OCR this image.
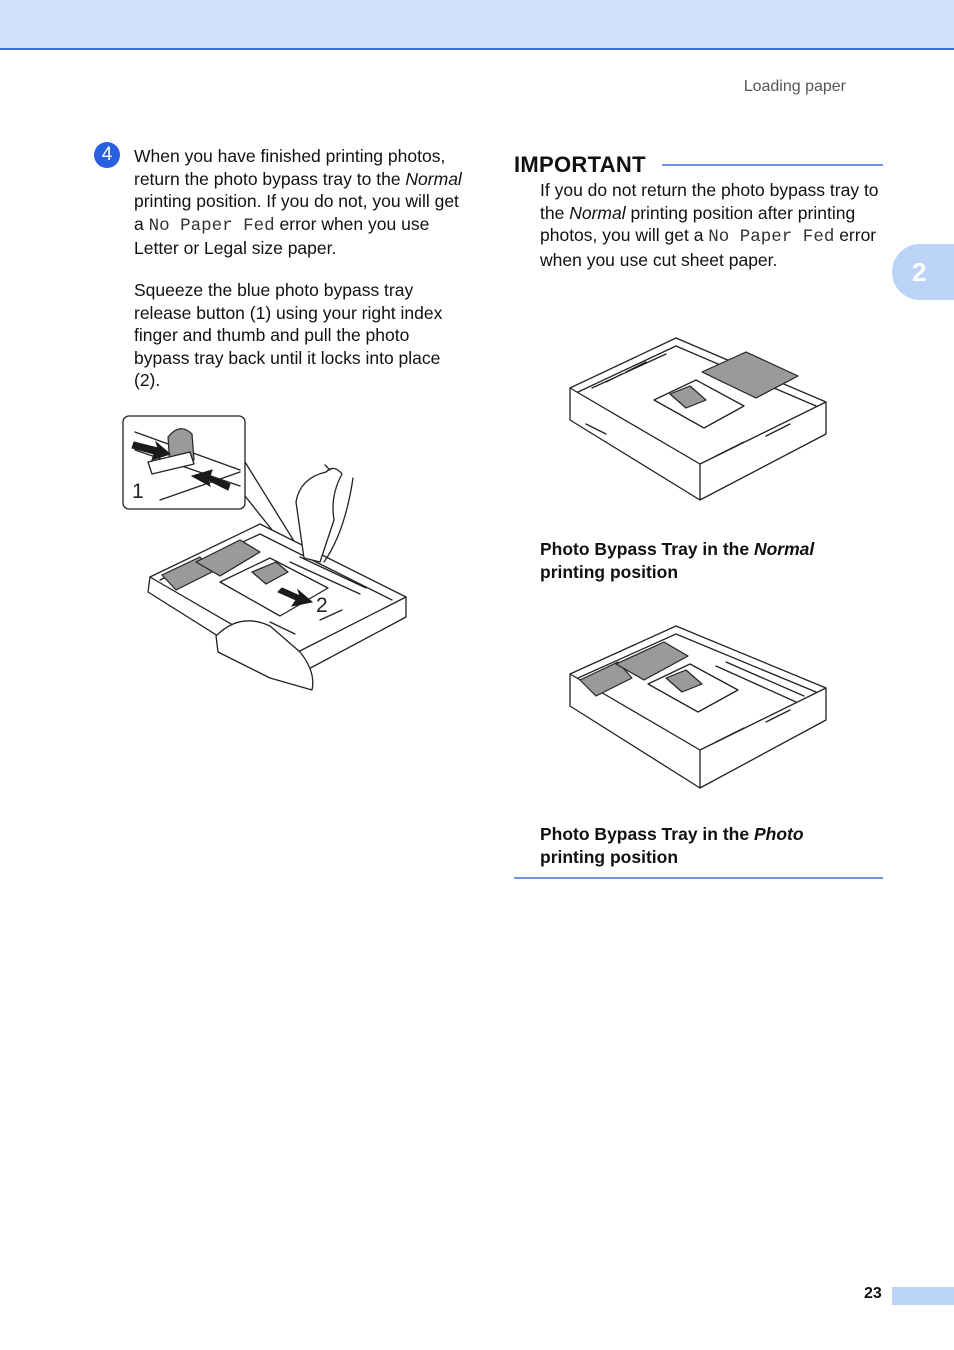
Loading paper
2
4	When you have finished printing photos, return the photo bypass tray to the Normal printing position. If you do not, you will get a No Paper Fed error when you use Letter or Legal size paper.

Squeeze the blue photo bypass tray release button (1) using your right index finger and thumb and pull the photo bypass tray back until it locks into place (2).

1
2
IMPORTANT

If you do not return the photo bypass tray to the Normal printing position after printing photos, you will get a No Paper Fed error when you use cut sheet paper.

Photo Bypass Tray in the Normal
printing position

Photo Bypass Tray in the Photo
printing position

23
